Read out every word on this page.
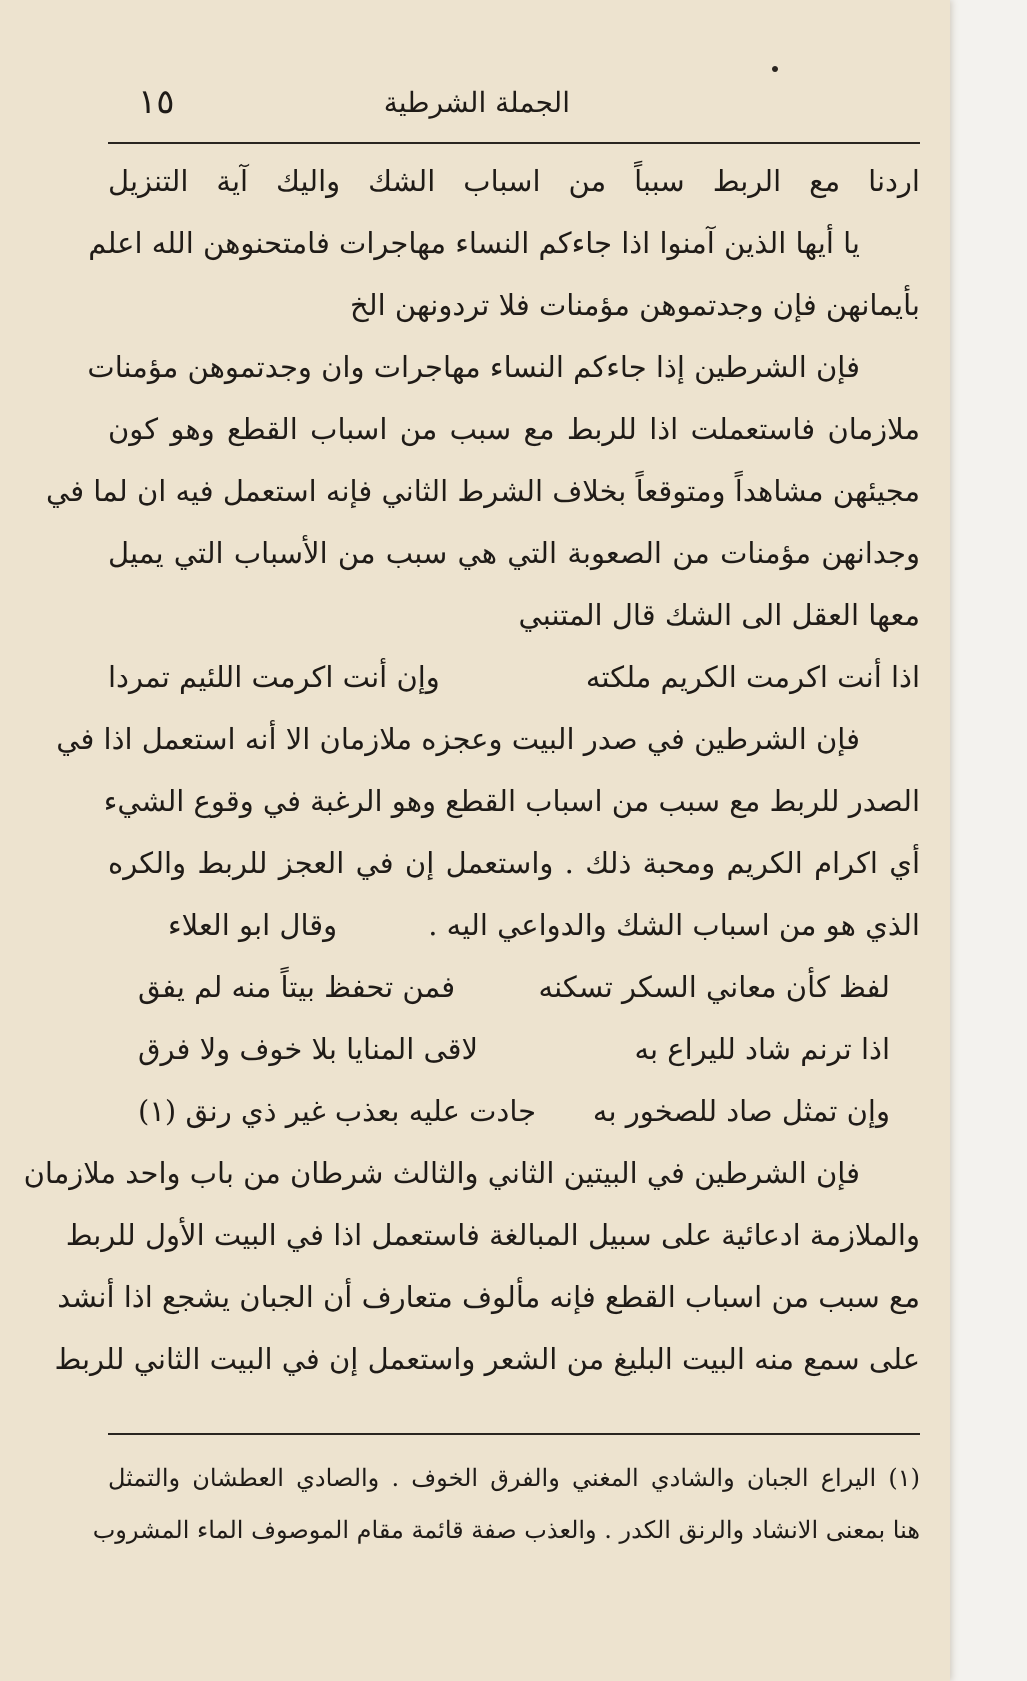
الجملة الشرطية
١٥
اردنا مع الربط سبباً من اسباب الشك واليك آية التنزيل
يا أيها الذين آمنوا اذا جاءكم النساء مهاجرات فامتحنوهن الله اعلم
بأيمانهن فإن وجدتموهن مؤمنات فلا تردونهن الخ
فإن الشرطين إذا جاءكم النساء مهاجرات وان وجدتموهن مؤمنات
ملازمان فاستعملت اذا للربط مع سبب من اسباب القطع وهو كون
مجيئهن مشاهداً ومتوقعاً بخلاف الشرط الثاني فإنه استعمل فيه ان لما في
وجدانهن مؤمنات من الصعوبة التي هي سبب من الأسباب التي يميل
معها العقل الى الشك قال المتنبي
اذا أنت اكرمت الكريم ملكته
وإن أنت اكرمت اللئيم تمردا
فإن الشرطين في صدر البيت وعجزه ملازمان الا أنه استعمل اذا في
الصدر للربط مع سبب من اسباب القطع وهو الرغبة في وقوع الشيء
أي اكرام الكريم ومحبة ذلك . واستعمل إن في العجز للربط والكره
الذي هو من اسباب الشك والدواعي اليه .
وقال ابو العلاء
لفظ كأن معاني السكر تسكنه
فمن تحفظ بيتاً منه لم يفق
اذا ترنم شاد لليراع به
لاقى المنايا بلا خوف ولا فرق
وإن تمثل صاد للصخور به
جادت عليه بعذب غير ذي رنق (١)
فإن الشرطين في البيتين الثاني والثالث شرطان من باب واحد ملازمان
والملازمة ادعائية على سبيل المبالغة فاستعمل اذا في البيت الأول للربط
مع سبب من اسباب القطع فإنه مألوف متعارف أن الجبان يشجع اذا أنشد
على سمع منه البيت البليغ من الشعر واستعمل إن في البيت الثاني للربط
(١) اليراع الجبان والشادي المغني والفرق الخوف . والصادي العطشان والتمثل
هنا بمعنى الانشاد والرنق الكدر . والعذب صفة قائمة مقام الموصوف الماء المشروب
